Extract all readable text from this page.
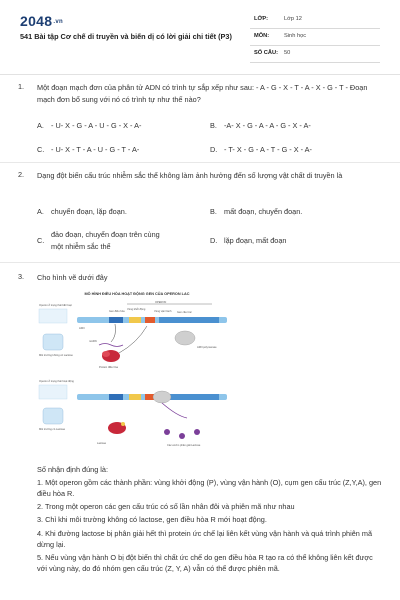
2048.vn
541 Bài tập Cơ chế di truyền và biến dị có lời giải chi tiết (P3)
LỚP:	Lớp 12
MÔN:	Sinh học
SỐ CÂU: 50
1. Một đoạn mạch đơn của phân tử ADN có trình tự sắp xếp như sau: - A - G - X - T - A - X - G - T - Đoạn mạch đơn bổ sung với nó có trình tự như thế nào?
A. - U- X - G - A - U - G - X - A-	B. -A- X - G - A - A - G - X - A-
C. - U- X - T - A - U - G - T - A-	D. - T- X - G - A - T - G - X - A-
2. Dạng đột biến cấu trúc nhiễm sắc thể không làm ảnh hưởng đến số lượng vật chất di truyền là
A. chuyển đoạn, lặp đoạn.	B. mất đoạn, chuyển đoạn.
C.
đảo đoạn, chuyển đoạn trên cùng
một nhiễm sắc thể
D. lặp đoạn, mất đoạn
3. Cho hình vẽ dưới đây
MÔ HÌNH ĐIỀU HÒA HOẠT ĐỘNG GEN CỦA OPERON LAC
Operon ở trạng thái bất hoạt
OPERON
Vùng khởi động
Vùng vận hành Gen cấu trúc
Gen điều hòa
ADN
mARN
Protein điều hòa
ARN polymerase
Môi trường không có Lactose
Operon ở trạng thái hoạt động
Các enzim phân giải Lactose
Lactose
Môi trường có Lactose
Số nhận định đúng là:
1. Một operon gồm các thành phần: vùng khởi động (P), vùng vận hành (O), cụm gen cấu trúc (Z,Y,A), gen điều hòa R.
2. Trong một operon các gen cấu trúc có số lần nhân đôi và phiên mã như nhau
3. Chỉ khi môi trường không có lactose, gen điều hòa R mới hoạt động.
4. Khi đường lactose bị phân giải hết thì protein ức chế lại liên kết vùng vận hành và quá trình phiên mã dừng lại.
5. Nếu vùng vận hành O bị đột biến thì chất ức chế do gen điều hòa R tạo ra có thể không liên kết được với vùng này, do đó nhóm gen cấu trúc (Z, Y, A) vẫn có thể được phiên mã.
